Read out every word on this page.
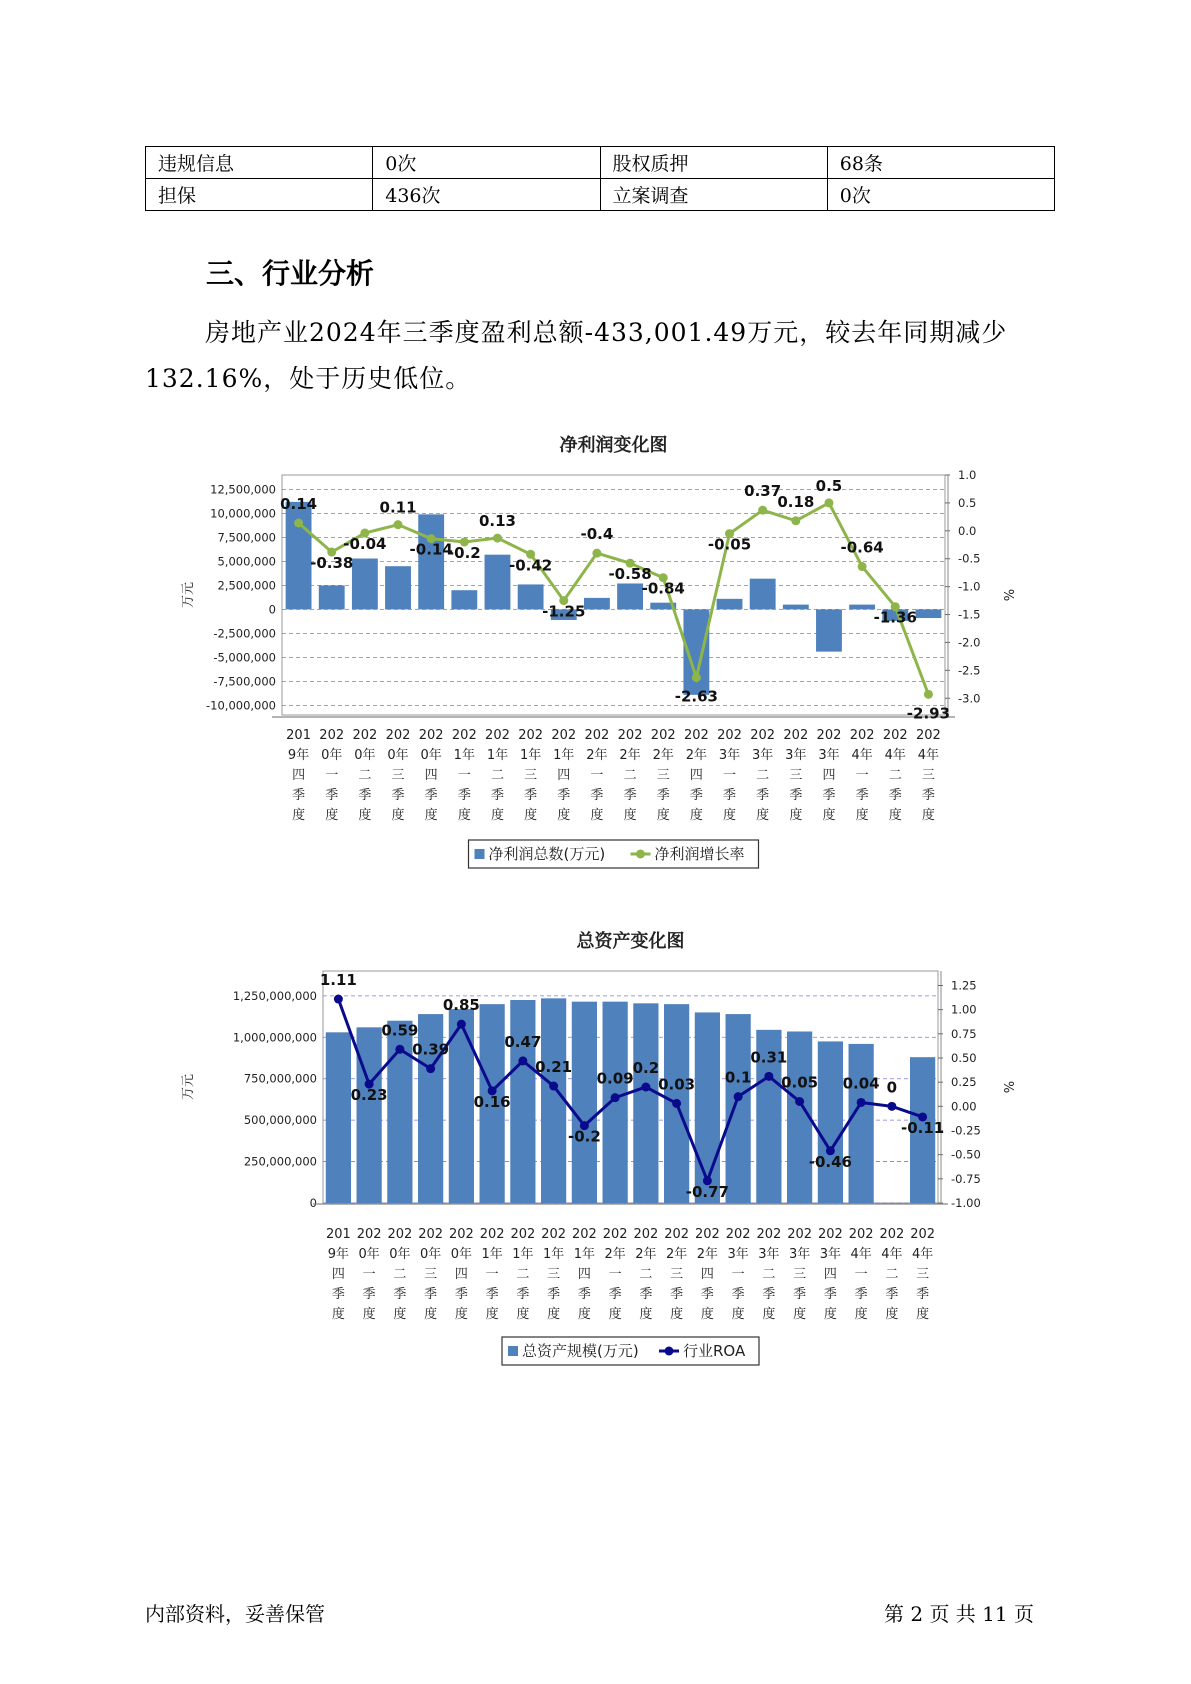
违规信息	0次	股权质押	68条
担保	436次	立案调查	0次
三、行业分析

房地产业2024年三季度盈利总额-433,001.49万元，较去年同期减少132.16%，处于历史低位。

净利润变化图
12,500,000
10,000,000
7,500,000
5,000,000
2,500,000
0
-2,500,000
-5,000,000
-7,500,000
-10,000,000
1.0
0.5
0.0
-0.5
-1.0
-1.5
-2.0
-2.5
-3.0
万元	%
0.14
-0.38
-0.04
0.11
-0.14
-0.2
0.13
-0.42
-1.25
-0.4
-0.58
-0.84
-2.63
-0.05
0.37
0.18
0.5
-0.64
-1.36
-2.93
201
9年
四
季
度
202
0年
一
季
度
202
0年
二
季
度
202
0年
三
季
度
202
0年
四
季
度
202
1年
一
季
度
202
1年
二
季
度
202
1年
三
季
度
202
1年
四
季
度
202
2年
一
季
度
202
2年
二
季
度
202
2年
三
季
度
202
2年
四
季
度
202
3年
一
季
度
202
3年
二
季
度
202
3年
三
季
度
202
3年
四
季
度
202
4年
一
季
度
202
4年
二
季
度
202
4年
三
季
度
净利润总数(万元)	净利润增长率
总资产变化图
1,250,000,000
1,000,000,000
750,000,000
500,000,000
250,000,000
0
1.25
1.00
0.75
0.50
0.25
0.00
-0.25
-0.50
-0.75
-1.00
万元	%
1.11
0.23
0.59
0.39
0.85
0.16
0.47
0.21
-0.2
0.09
0.2
0.03
-0.77
0.1
0.31
0.05
-0.46
0.04 0
-0.11
201
9年
四
季
度
202
0年
一
季
度
202
0年
二
季
度
202
0年
三
季
度
202
0年
四
季
度
202
1年
一
季
度
202
1年
二
季
度
202
1年
三
季
度
202
1年
四
季
度
202
2年
一
季
度
202
2年
二
季
度
202
2年
三
季
度
202
2年
四
季
度
202
3年
一
季
度
202
3年
二
季
度
202
3年
三
季
度
202
3年
四
季
度
202
4年
一
季
度
202
4年
二
季
度
202
4年
三
季
度
总资产规模(万元)	行业ROA
内部资料，妥善保管	第 2 页 共 11 页
